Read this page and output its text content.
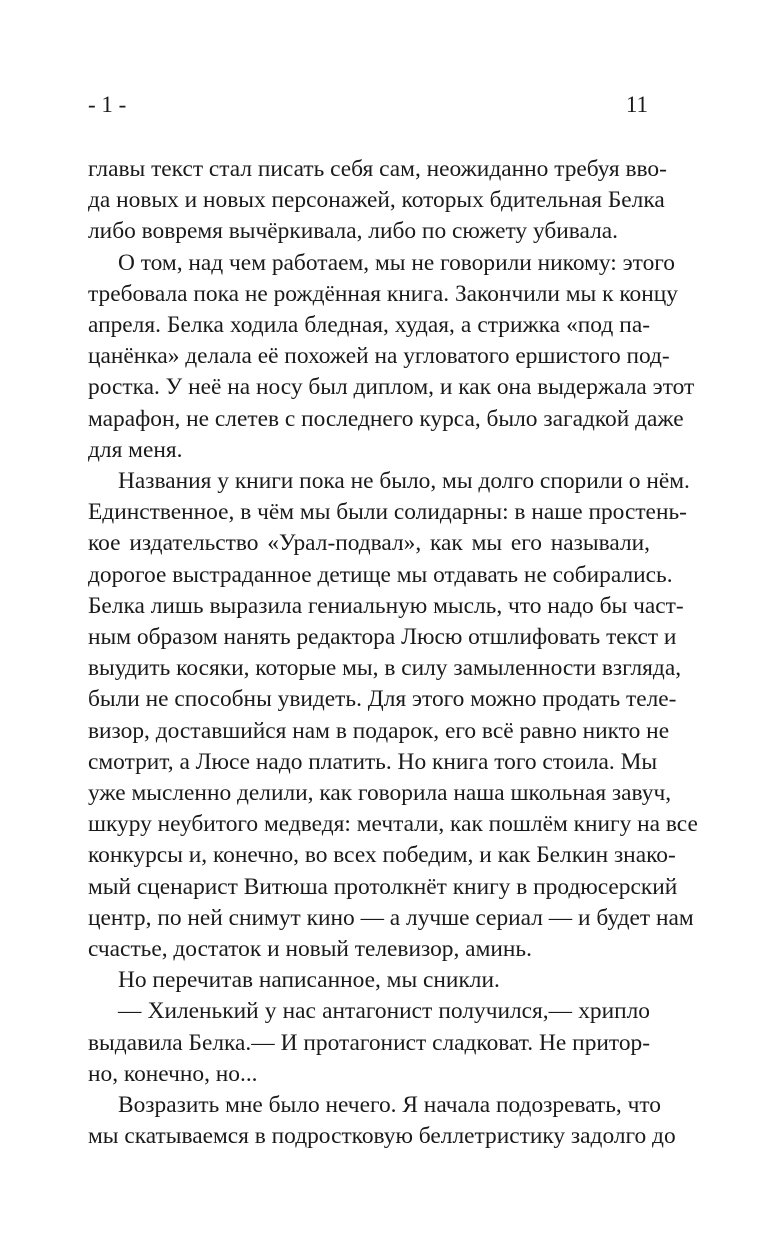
- 1 -	11

главы текст стал писать себя сам, неожиданно требуя вво-
да новых и новых персонажей, которых бдительная Белка
либо вовремя вычёркивала, либо по сюжету убивала.

О том, над чем работаем, мы не говорили никому: этого
требовала пока не рождённая книга. Закончили мы к концу
апреля. Белка ходила бледная, худая, а стрижка «под па-
цанёнка» делала её похожей на угловатого ершистого под-
ростка. У неё на носу был диплом, и как она выдержала этот
марафон, не слетев с последнего курса, было загадкой даже
для меня.

Названия у книги пока не было, мы долго спорили о нём.
Единственное, в чём мы были солидарны: в наше простень-
кое издательство «Урал-подвал», как мы его называли,
дорогое выстраданное детище мы отдавать не собирались.
Белка лишь выразила гениальную мысль, что надо бы част-
ным образом нанять редактора Люсю отшлифовать текст и
выудить косяки, которые мы, в силу замыленности взгляда,
были не способны увидеть. Для этого можно продать теле-
визор, доставшийся нам в подарок, его всё равно никто не
смотрит, а Люсе надо платить. Но книга того стоила. Мы
уже мысленно делили, как говорила наша школьная завуч,
шкуру неубитого медведя: мечтали, как пошлём книгу на все
конкурсы и, конечно, во всех победим, и как Белкин знако-
мый сценарист Витюша протолкнёт книгу в продюсерский
центр, по ней снимут кино — а лучше сериал — и будет нам
счастье, достаток и новый телевизор, аминь.

Но перечитав написанное, мы сникли.

— Хиленький у нас антагонист получился,— хрипло
выдавила Белка.— И протагонист сладковат. Не притор-
но, конечно, но...

Возразить мне было нечего. Я начала подозревать, что
мы скатываемся в подростковую беллетристику задолго до
